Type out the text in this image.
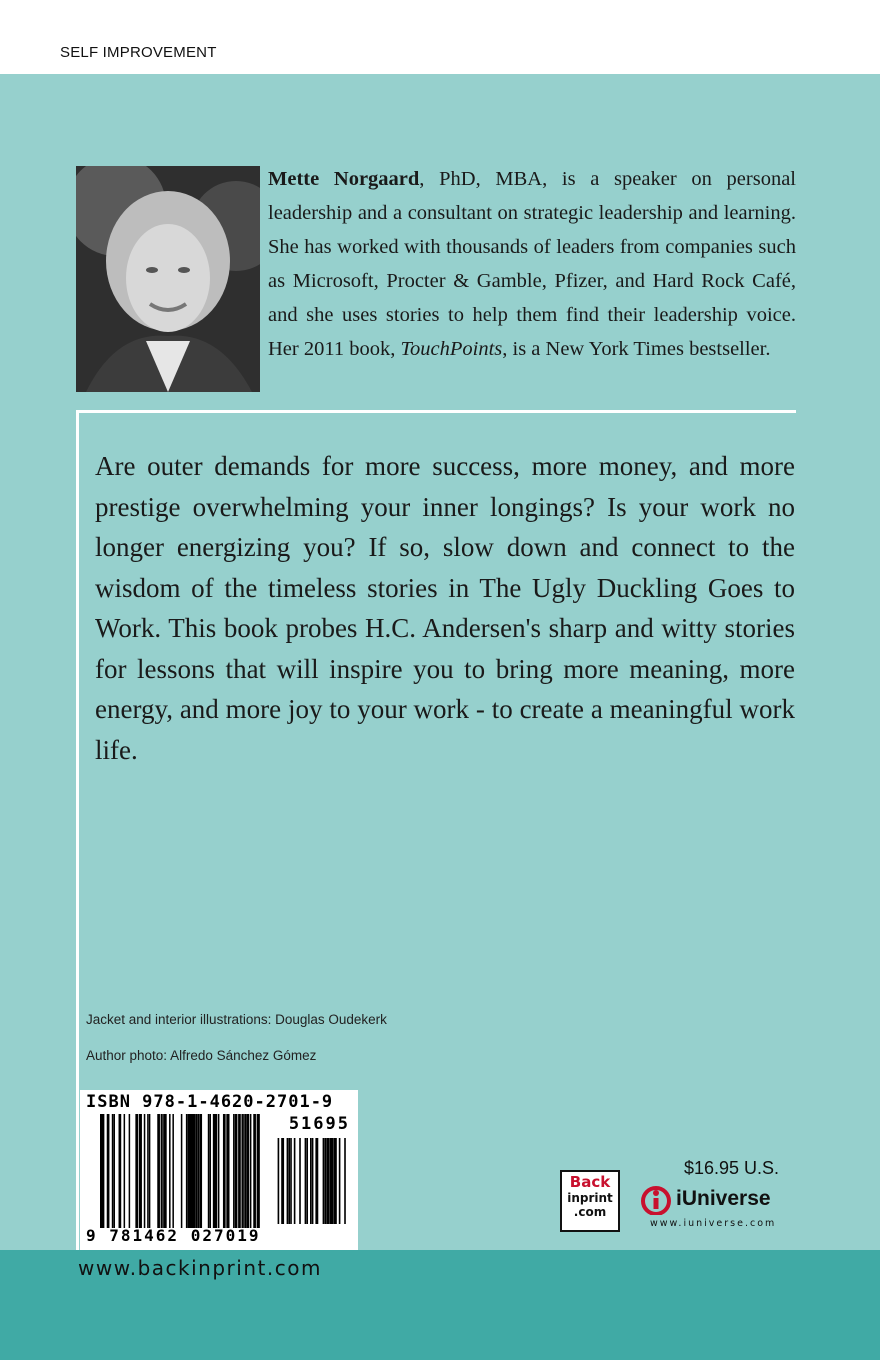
SELF IMPROVEMENT
Mette Norgaard, PhD, MBA, is a speaker on personal leadership and a consultant on strategic leadership and learning. She has worked with thousands of leaders from companies such as Microsoft, Procter & Gamble, Pfizer, and Hard Rock Café, and she uses stories to help them find their leadership voice. Her 2011 book, TouchPoints, is a New York Times bestseller.
Are outer demands for more success, more money, and more prestige overwhelming your inner longings? Is your work no longer energizing you? If so, slow down and connect to the wisdom of the timeless stories in The Ugly Duckling Goes to Work. This book probes H.C. Andersen's sharp and witty stories for lessons that will inspire you to bring more meaning, more energy, and more joy to your work - to create a meaningful work life.
Jacket and interior illustrations: Douglas Oudekerk
Author photo: Alfredo Sánchez Gómez
ISBN 978-1-4620-2701-9
51695
9 781462 027019
Back
inprint
.com
$16.95 U.S.
iUniverse
www.iuniverse.com
www.backinprint.com
